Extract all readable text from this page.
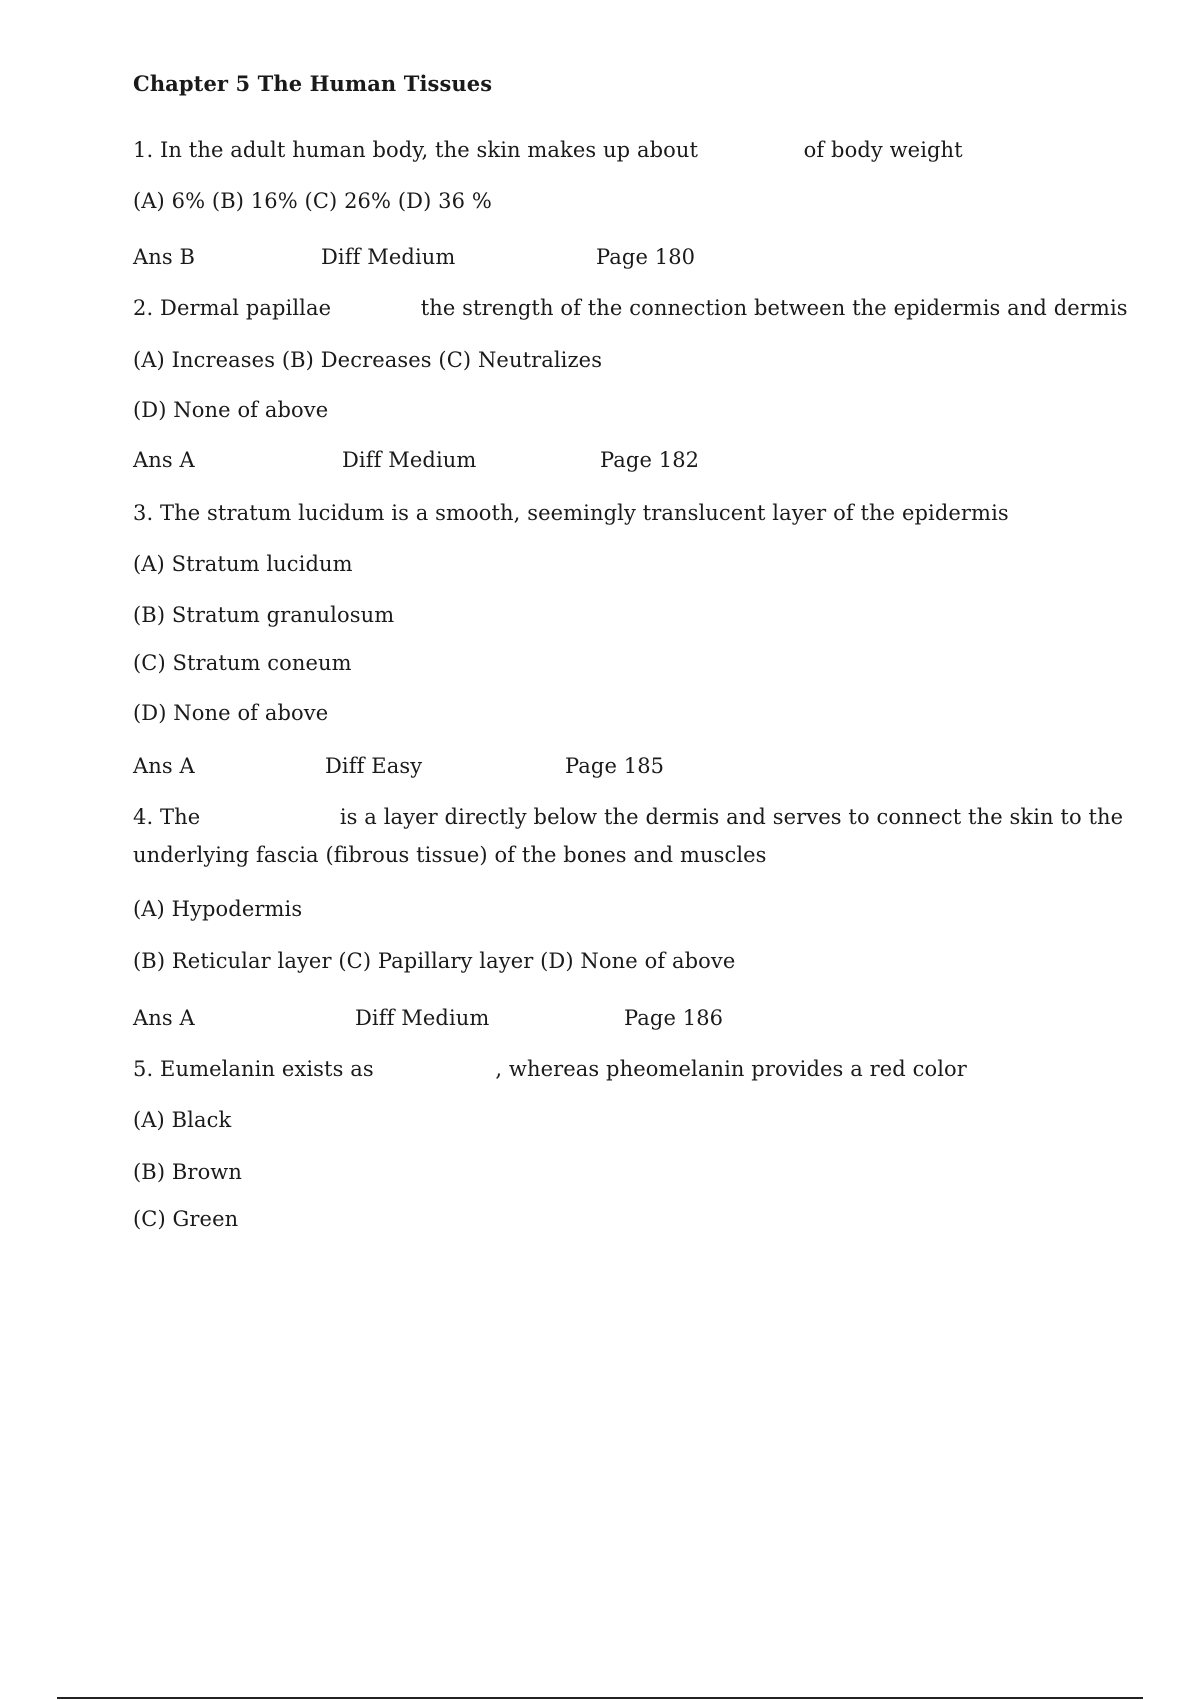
Chapter 5 The Human Tissues
1. In the adult human body, the skin makes up about	of body weight
(A) 6% (B) 16% (C) 26% (D) 36 %
Ans B	Diff Medium	Page 180
2. Dermal papillae	the strength of the connection between the epidermis and dermis
(A) Increases (B) Decreases (C) Neutralizes
(D) None of above
Ans A	Diff Medium	Page 182
3. The stratum lucidum is a smooth, seemingly translucent layer of the epidermis
(A) Stratum lucidum
(B) Stratum granulosum
(C) Stratum coneum
(D) None of above
Ans A	Diff Easy	Page 185
4. The	is a layer directly below the dermis and serves to connect the skin to the
underlying fascia (fibrous tissue) of the bones and muscles
(A) Hypodermis
(B) Reticular layer (C) Papillary layer (D) None of above
Ans A	Diff Medium	Page 186
5. Eumelanin exists as	, whereas pheomelanin provides a red color
(A) Black
(B) Brown
(C) Green
